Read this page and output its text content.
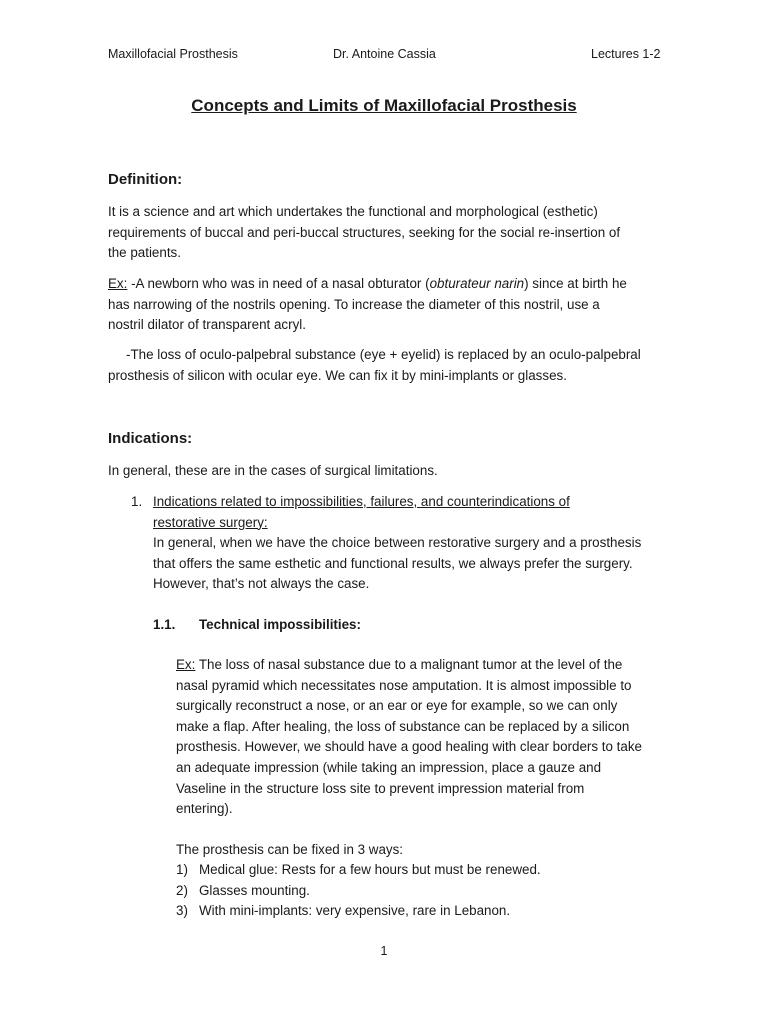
Maxillofacial Prosthesis	Dr. Antoine Cassia	Lectures 1-2
Concepts and Limits of Maxillofacial Prosthesis
Definition:
It is a science and art which undertakes the functional and morphological (esthetic)
requirements of buccal and peri-buccal structures, seeking for the social re-insertion of
the patients.
Ex: -A newborn who was in need of a nasal obturator (obturateur narin) since at birth he
has narrowing of the nostrils opening. To increase the diameter of this nostril, use a
nostril dilator of transparent acryl.
-The loss of oculo-palpebral substance (eye + eyelid) is replaced by an oculo-palpebral
prosthesis of silicon with ocular eye. We can fix it by mini-implants or glasses.
Indications:
In general, these are in the cases of surgical limitations.
1. Indications related to impossibilities, failures, and counterindications of
restorative surgery:
In general, when we have the choice between restorative surgery and a prosthesis
that offers the same esthetic and functional results, we always prefer the surgery.
However, that’s not always the case.
1.1. Technical impossibilities:
Ex: The loss of nasal substance due to a malignant tumor at the level of the
nasal pyramid which necessitates nose amputation. It is almost impossible to
surgically reconstruct a nose, or an ear or eye for example, so we can only
make a flap. After healing, the loss of substance can be replaced by a silicon
prosthesis. However, we should have a good healing with clear borders to take
an adequate impression (while taking an impression, place a gauze and
Vaseline in the structure loss site to prevent impression material from
entering).
The prosthesis can be fixed in 3 ways:
1) Medical glue: Rests for a few hours but must be renewed.
2) Glasses mounting.
3) With mini-implants: very expensive, rare in Lebanon.
1
